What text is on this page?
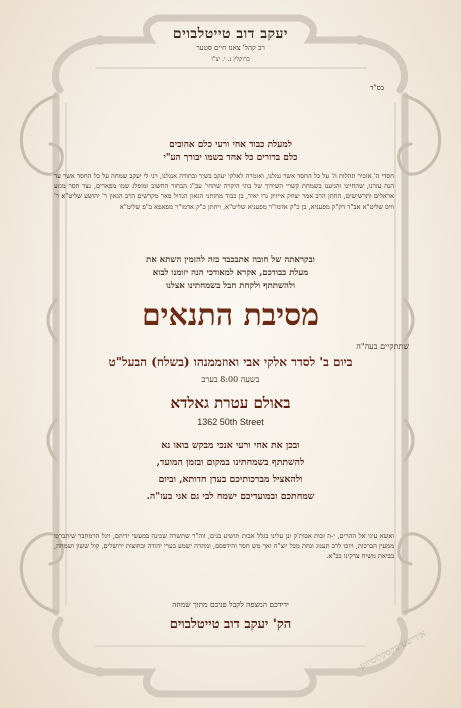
יעקב דוב טייטלבוים
רב קהל' צאנז חיים סטער
ברוקלין נ. י. יצ"ו
בס"ד
למעלת כבוד אחי ורעי כלם אהובים
כלם ברורים כל אחד בשמו יבורך הע"י
חסדי ה' אזכיר תהלות ה' על כל החסד אשר גמלנו, ואומרה לאלקי יעקב בשיר ובתודה אנגלנו, רני לי יעקב שמחה על כל החסד אשר עד הנה עזרנו, שהחיינו והגיענו בשמחת קשרי השידוך של בתי היקרה שתחי' עב"ג הבחור החשוב ומופלג שמו מפארים, נצר חסר מגזע אראלים ותרשישים, החתן הרב אמר יצחק אייזיק נרו יאיר, בן כבוד מחותני הגאון הגדול פאר מקדשים הרב הגאון ר' יהושע שליט"א ר' וויס שליט"א אב"ד דק"ק מפעניא, בן כ"ק אדמו"ר מפעניא שליט"א, ויחתן כ"ק אדמו"ר מפאפא ב"פ שליט"א
ובקראתה של חובה אתבכבד בזה להזמין השתא את
מעלת כבודכם, אקרא למאודכי הנה יזומנו לבוא
ולהשתתף ולקחת חבל בשמחתינו אצלנו
מסיבת התנאים
שתתקיים בעה"ה
ביום ב' לסדר אלקי אבי ואוזממנהו (בשלח) הבעל"ט
בשעה 8:00 בערב
באולם עטרת גאלדא
1362 50th Street
ובכן את אחי ורעי אנכי מבקש בואו נא
להשתתף בשמחתינו במקום ובזמן המועד,
ולהאציל מברכותיכם בעדן חדותא, וביום
שמחתכם ובמועדיכם ישמח לבי גם אני בעז"ה.
ואשא עיני אל ההרים, י-ה זכות אבות'ק ונן עלינו בגלל אבות תושיע בנים, ווה"ר שתשרה שכינה במעשי ידיהם, ויגל הרמחבר שיתברכו ממעין הברכות, ויזכו לרב תענוג ונחת מכל יוצ"ח ואך מש חסר והידפסם, ומתרה ישמע בערי יהודה ובחוצות ירושלים, קול ששון ושמחה, בביאת משיח צדקינו בב"א.
ידידכם המצפה לקבל פניכם מתוך שמחה
הק' יעקב דוב טייטלבוים
אידישע עקסקלוסיווע
